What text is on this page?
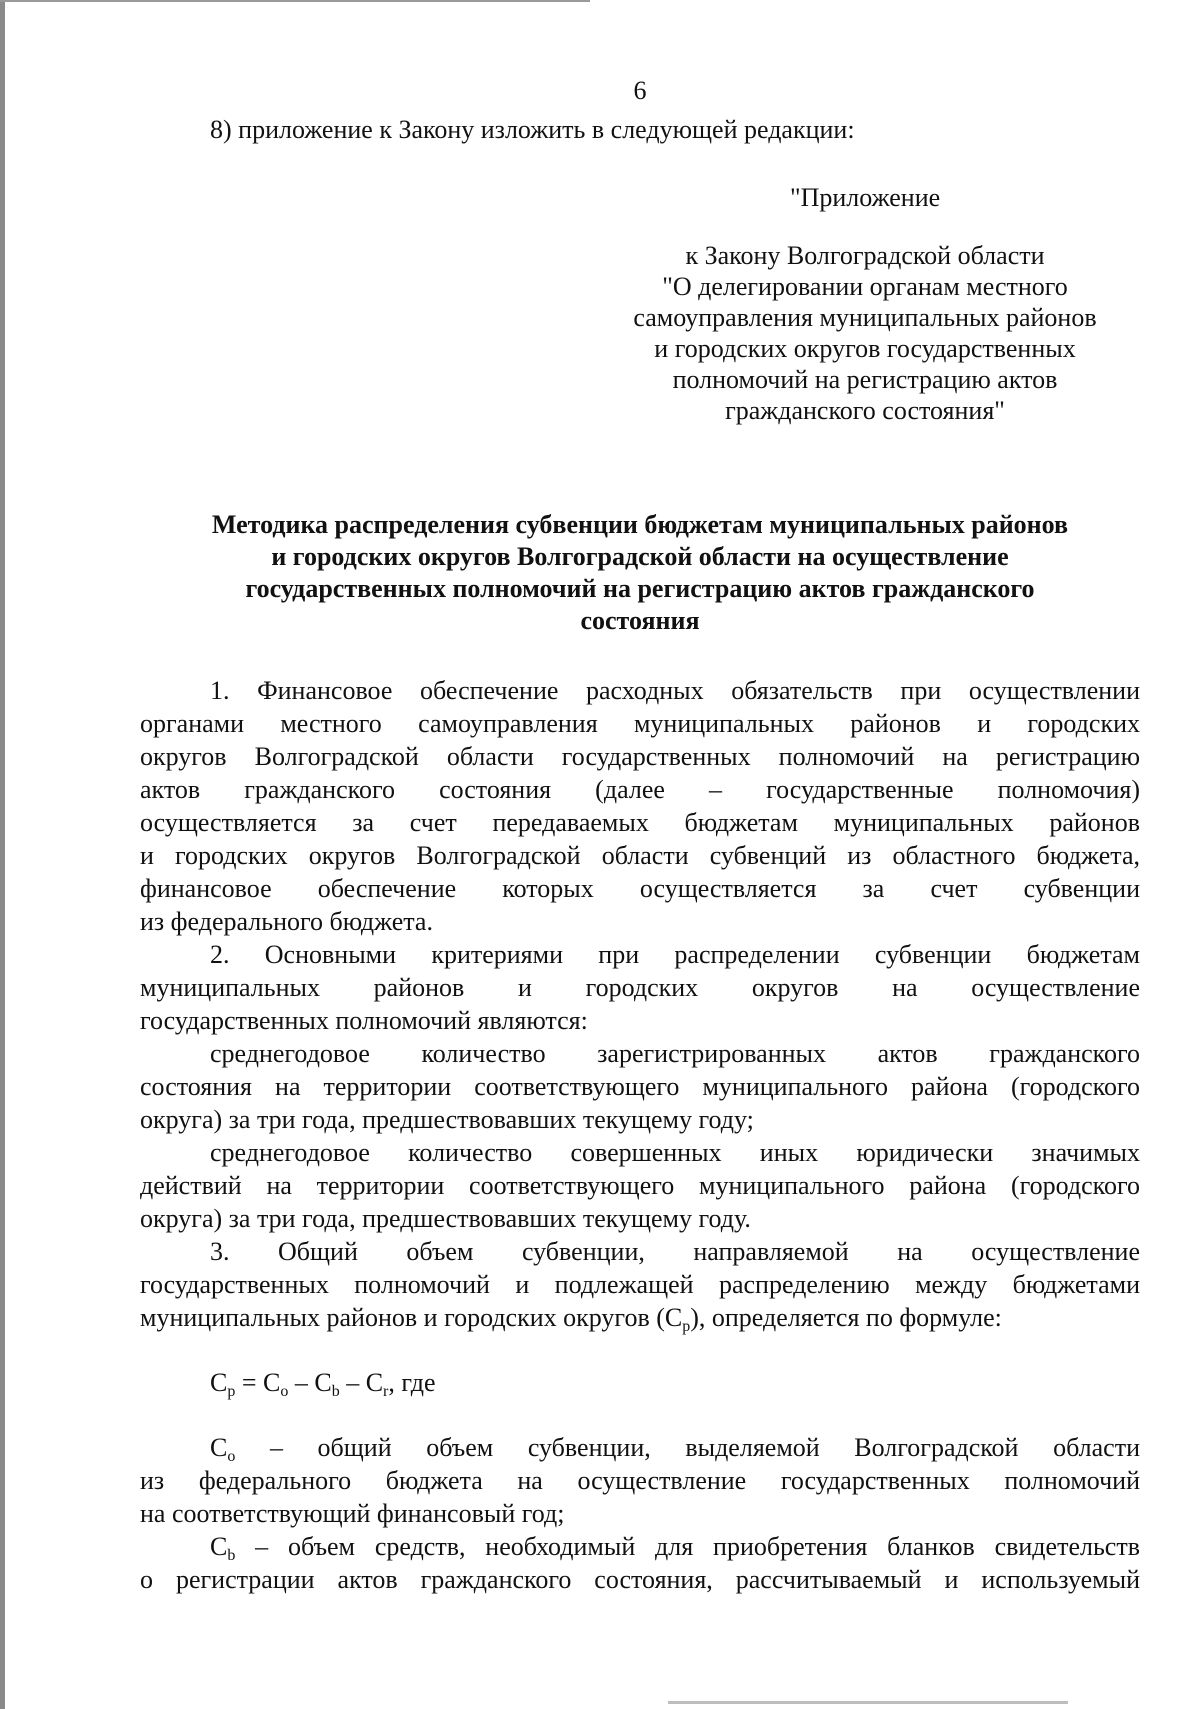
6
8) приложение к Закону изложить в следующей редакции:
"Приложение
к Закону Волгоградской области
"О делегировании органам местного
самоуправления муниципальных районов
и городских округов государственных
полномочий на регистрацию актов
гражданского состояния"
Методика распределения субвенции бюджетам муниципальных районов
и городских округов Волгоградской области на осуществление
государственных полномочий на регистрацию актов гражданского
состояния
1. Финансовое обеспечение расходных обязательств при осуществлении
органами местного самоуправления муниципальных районов и городских
округов Волгоградской области государственных полномочий на регистрацию
актов гражданского состояния (далее – государственные полномочия)
осуществляется за счет передаваемых бюджетам муниципальных районов
и городских округов Волгоградской области субвенций из областного бюджета,
финансовое обеспечение которых осуществляется за счет субвенции
из федерального бюджета.
2. Основными критериями при распределении субвенции бюджетам
муниципальных районов и городских округов на осуществление
государственных полномочий являются:
среднегодовое количество зарегистрированных актов гражданского
состояния на территории соответствующего муниципального района (городского
округа) за три года, предшествовавших текущему году;
среднегодовое количество совершенных иных юридически значимых
действий на территории соответствующего муниципального района (городского
округа) за три года, предшествовавших текущему году.
3. Общий объем субвенции, направляемой на осуществление
государственных полномочий и подлежащей распределению между бюджетами
муниципальных районов и городских округов $(C_p)$, определяется по формуле:
$C_p = C_o - C_b - C_r$, где
$C_o$ – общий объем субвенции, выделяемой Волгоградской области
из федерального бюджета на осуществление государственных полномочий
на соответствующий финансовый год;
$C_b$ – объем средств, необходимый для приобретения бланков свидетельств
о регистрации актов гражданского состояния, рассчитываемый и используемый
